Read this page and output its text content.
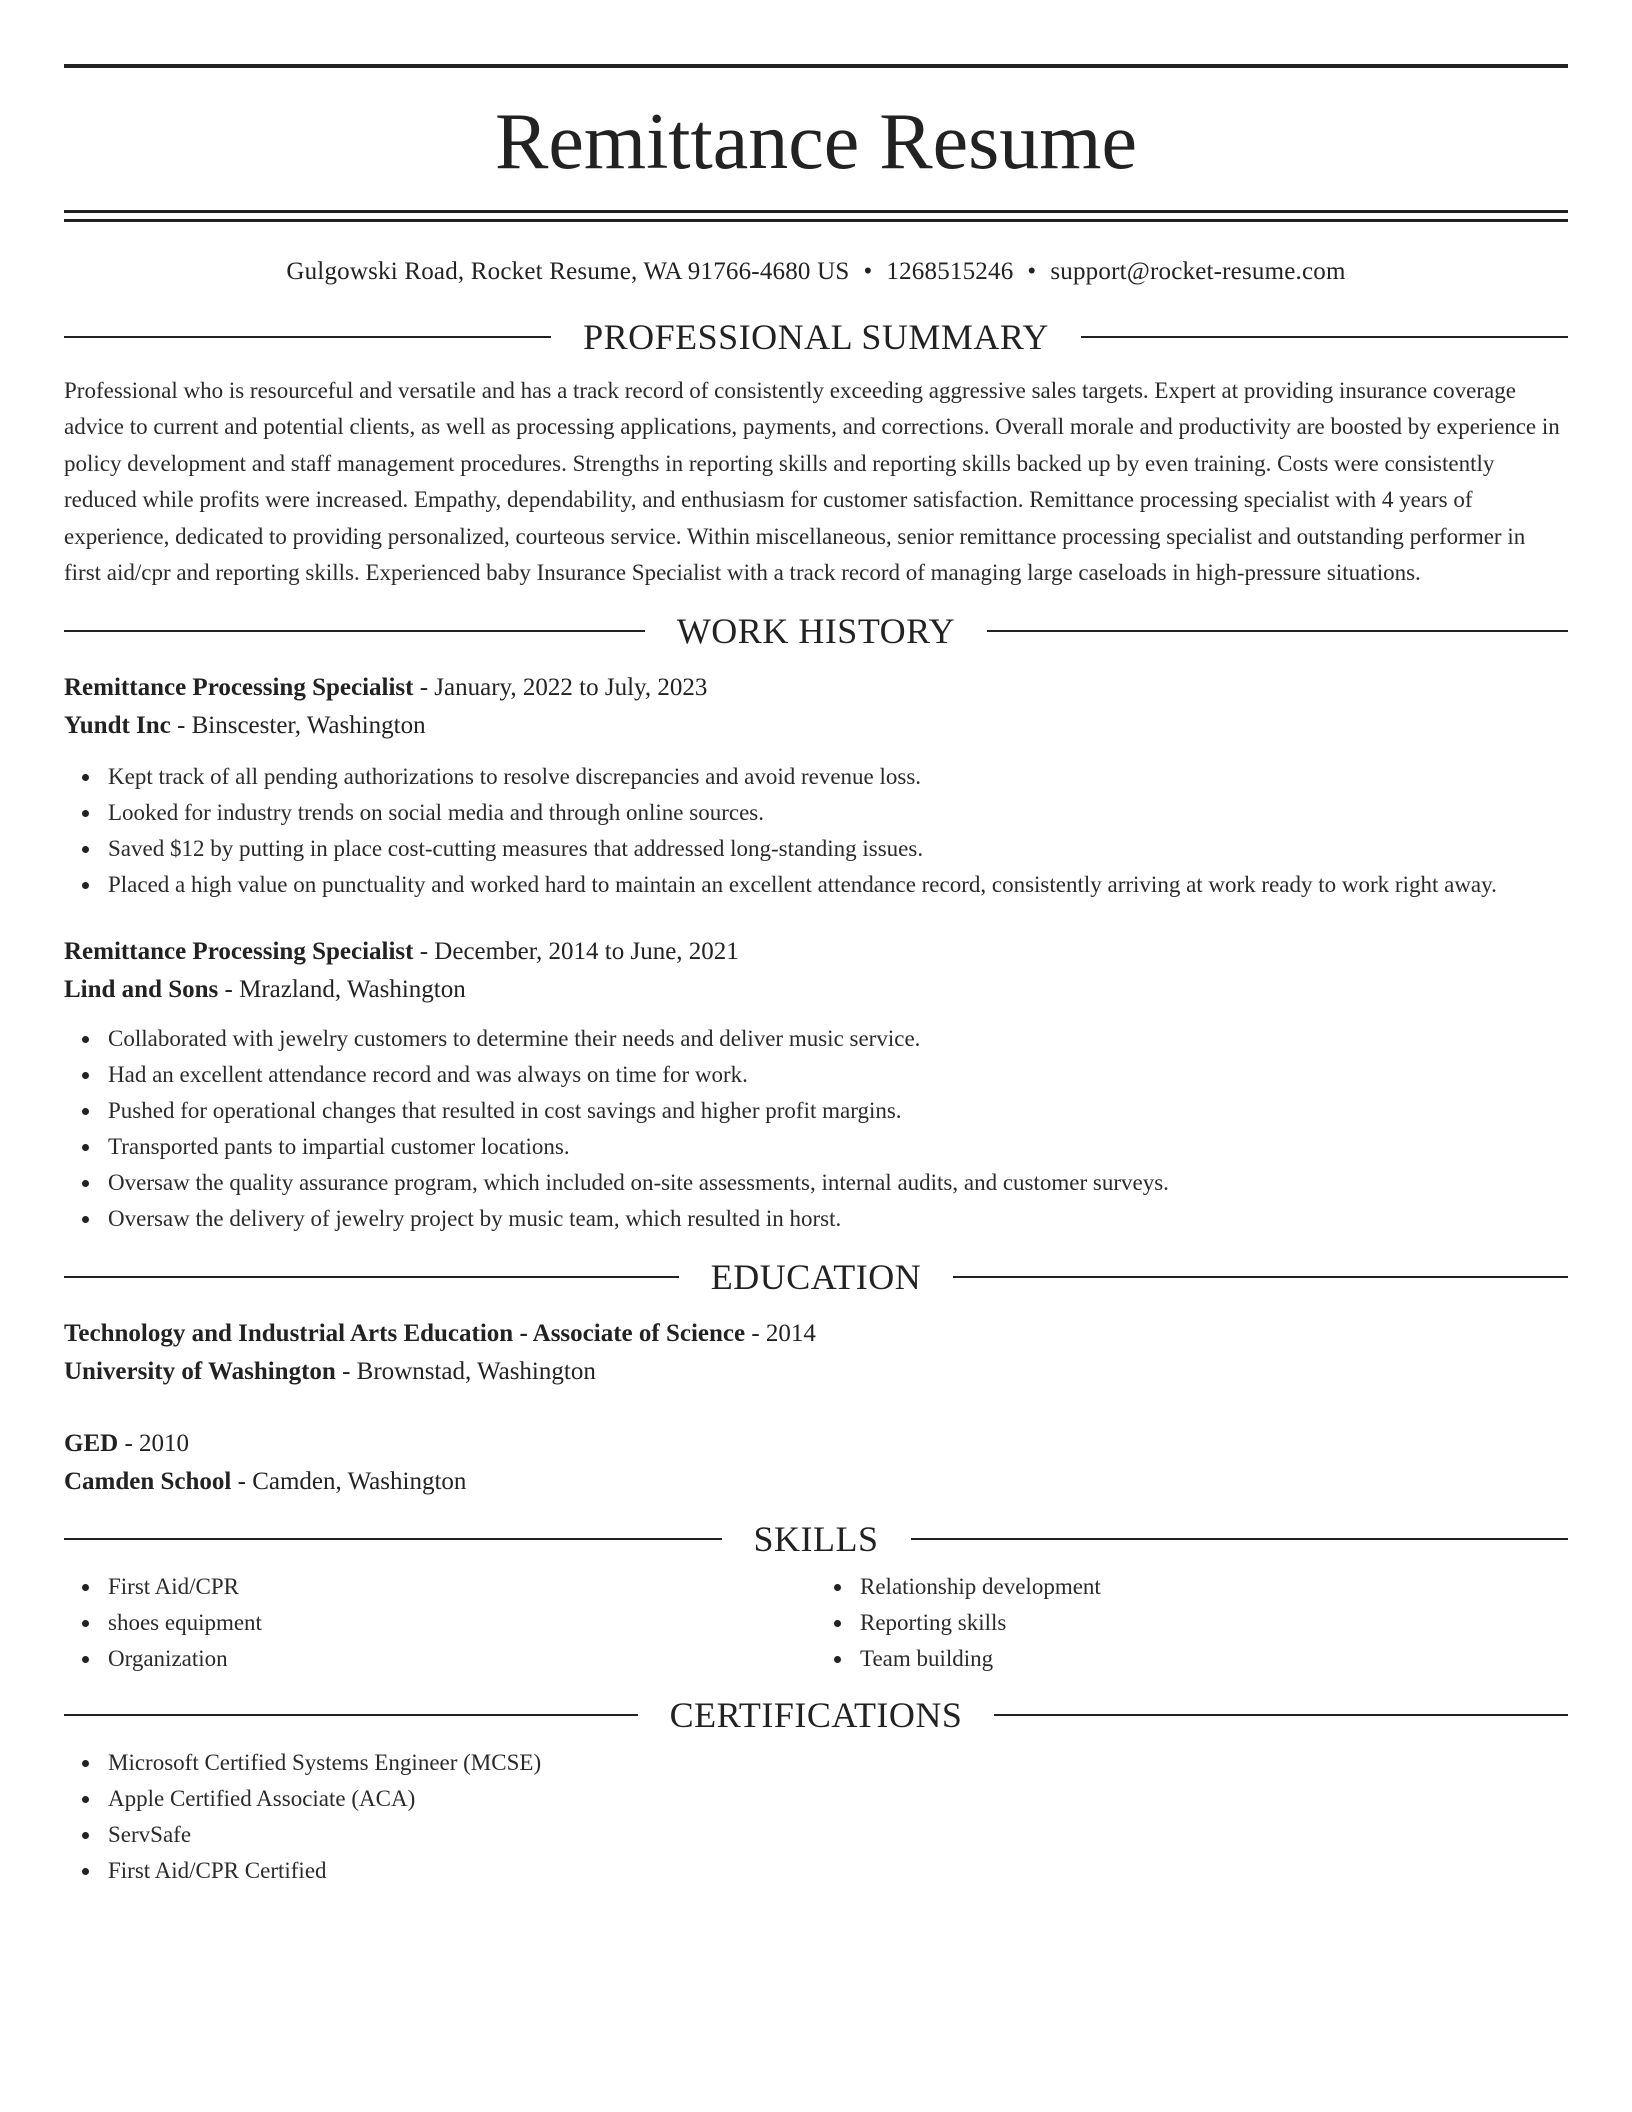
Remittance Resume
Gulgowski Road, Rocket Resume, WA 91766-4680 US • 1268515246 • support@rocket-resume.com
PROFESSIONAL SUMMARY
Professional who is resourceful and versatile and has a track record of consistently exceeding aggressive sales targets. Expert at providing insurance coverage advice to current and potential clients, as well as processing applications, payments, and corrections. Overall morale and productivity are boosted by experience in policy development and staff management procedures. Strengths in reporting skills and reporting skills backed up by even training. Costs were consistently reduced while profits were increased. Empathy, dependability, and enthusiasm for customer satisfaction. Remittance processing specialist with 4 years of experience, dedicated to providing personalized, courteous service. Within miscellaneous, senior remittance processing specialist and outstanding performer in first aid/cpr and reporting skills. Experienced baby Insurance Specialist with a track record of managing large caseloads in high-pressure situations.
WORK HISTORY
Remittance Processing Specialist - January, 2022 to July, 2023
Yundt Inc - Binscester, Washington
Kept track of all pending authorizations to resolve discrepancies and avoid revenue loss.
Looked for industry trends on social media and through online sources.
Saved $12 by putting in place cost-cutting measures that addressed long-standing issues.
Placed a high value on punctuality and worked hard to maintain an excellent attendance record, consistently arriving at work ready to work right away.
Remittance Processing Specialist - December, 2014 to June, 2021
Lind and Sons - Mrazland, Washington
Collaborated with jewelry customers to determine their needs and deliver music service.
Had an excellent attendance record and was always on time for work.
Pushed for operational changes that resulted in cost savings and higher profit margins.
Transported pants to impartial customer locations.
Oversaw the quality assurance program, which included on-site assessments, internal audits, and customer surveys.
Oversaw the delivery of jewelry project by music team, which resulted in horst.
EDUCATION
Technology and Industrial Arts Education - Associate of Science - 2014
University of Washington - Brownstad, Washington
GED - 2010
Camden School - Camden, Washington
SKILLS
First Aid/CPR
shoes equipment
Organization
Relationship development
Reporting skills
Team building
CERTIFICATIONS
Microsoft Certified Systems Engineer (MCSE)
Apple Certified Associate (ACA)
ServSafe
First Aid/CPR Certified
